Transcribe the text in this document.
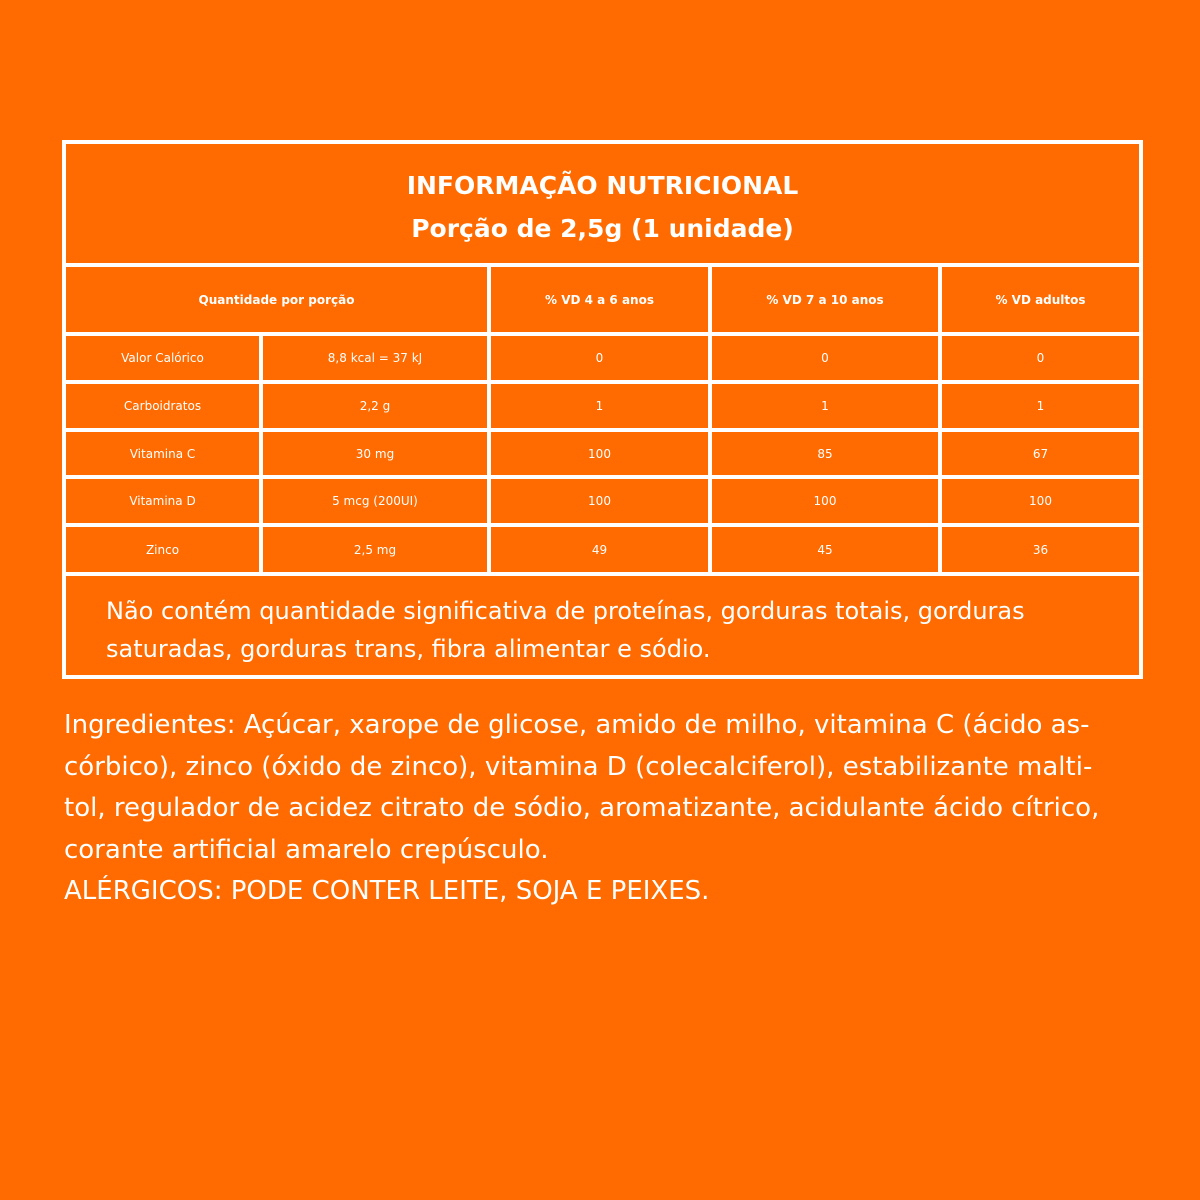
INFORMAÇÃO NUTRICIONAL
Porção de 2,5g (1 unidade)
Quantidade por porção	% VD 4 a 6 anos	% VD 7 a 10 anos	% VD adultos
Valor Calórico	8,8 kcal = 37 kJ	0	0	0
Carboidratos	2,2 g	1	1	1
Vitamina C	30 mg	100	85	67
Vitamina D	5 mcg (200UI)	100	100	100
Zinco	2,5 mg	49	45	36
Não contém quantidade significativa de proteínas, gorduras totais, gorduras
saturadas, gorduras trans, fibra alimentar e sódio.
Ingredientes: Açúcar, xarope de glicose, amido de milho, vitamina C (ácido as-
córbico), zinco (óxido de zinco), vitamina D (colecalciferol), estabilizante malti-
tol, regulador de acidez citrato de sódio, aromatizante, acidulante ácido cítrico,
corante artificial amarelo crepúsculo.
ALÉRGICOS: PODE CONTER LEITE, SOJA E PEIXES.
